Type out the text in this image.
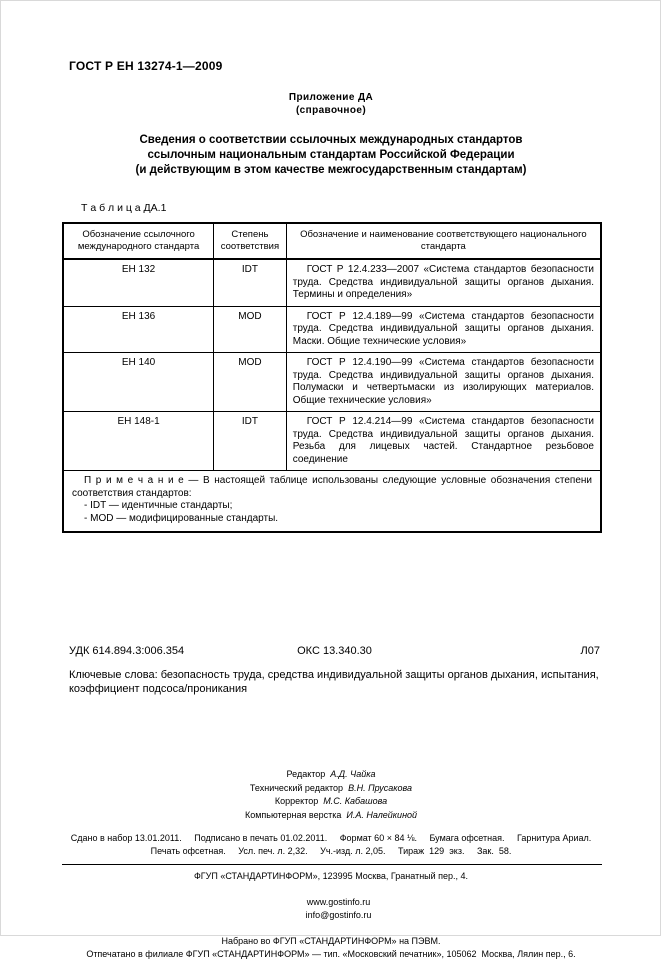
ГОСТ Р ЕН 13274-1—2009
Приложение ДА
(справочное)
Сведения о соответствии ссылочных международных стандартов
ссылочным национальным стандартам Российской Федерации
(и действующим в этом качестве межгосударственным стандартам)
Т а б л и ц а ДА.1
Обозначение ссылочного международного стандарта	Степень соответствия	Обозначение и наименование соответствующего национального стандарта
ЕН 132	IDT	ГОСТ Р 12.4.233—2007 «Система стандартов безопасности труда. Средства индивидуальной защиты органов дыхания. Термины и определения»

ЕН 136	MOD	ГОСТ Р 12.4.189—99 «Система стандартов безопасности труда. Средства индивидуальной защиты органов дыхания. Маски. Общие технические условия»

ЕН 140	MOD	ГОСТ Р 12.4.190—99 «Система стандартов безопасности труда. Средства индивидуальной защиты органов дыхания. Полумаски и четвертьмаски из изолирующих материалов. Общие технические условия»

ЕН 148-1	IDT	ГОСТ Р 12.4.214—99 «Система стандартов безопасности труда. Средства индивидуальной защиты органов дыхания. Резьба для лицевых частей. Стандартное резьбовое соединение

П р и м е ч а н и е — В настоящей таблице использованы следующие условные обозначения степени соответствия стандартов:

- IDT — идентичные стандарты;
- MOD — модифицированные стандарты.		
УДК 614.894.3:006.354	ОКС 13.340.30	Л07
Ключевые слова: безопасность труда, средства индивидуальной защиты органов дыхания, испытания, коэффициент подсоса/проникания
Редактор А.Д. Чайка
Технический редактор В.Н. Прусакова
Корректор М.С. Кабашова
Компьютерная верстка И.А. Налейкиной
Сдано в набор 13.01.2011.     Подписано в печать 01.02.2011.     Формат 60 × 84 ⅛.     Бумага офсетная.     Гарнитура Ариал.
Печать офсетная.     Усл. печ. л. 2,32.     Уч.-изд. л. 2,05.     Тираж  129  экз.     Зак.  58.
ФГУП «СТАНДАРТИНФОРМ», 123995 Москва, Гранатный пер., 4.

www.gostinfo.ru
info@gostinfo.ru

Набрано во ФГУП «СТАНДАРТИНФОРМ» на ПЭВМ.
Отпечатано в филиале ФГУП «СТАНДАРТИНФОРМ» — тип. «Московский печатник», 105062  Москва, Лялин пер., 6.
